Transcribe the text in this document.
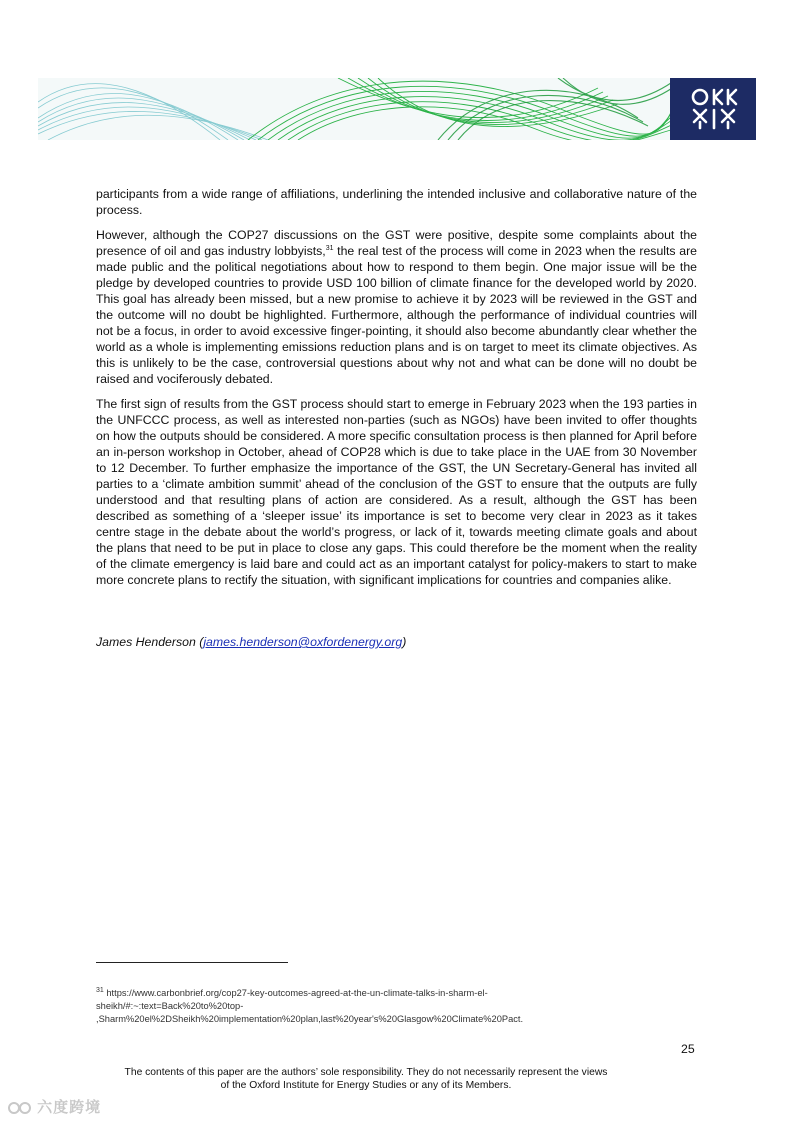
participants from a wide range of affiliations, underlining the intended inclusive and collaborative nature of the process.

However, although the COP27 discussions on the GST were positive, despite some complaints about the presence of oil and gas industry lobbyists,$^{31}$ the real test of the process will come in 2023 when the results are made public and the political negotiations about how to respond to them begin. One major issue will be the pledge by developed countries to provide USD 100 billion of climate finance for the developed world by 2020. This goal has already been missed, but a new promise to achieve it by 2023 will be reviewed in the GST and the outcome will no doubt be highlighted. Furthermore, although the performance of individual countries will not be a focus, in order to avoid excessive finger-pointing, it should also become abundantly clear whether the world as a whole is implementing emissions reduction plans and is on target to meet its climate objectives. As this is unlikely to be the case, controversial questions about why not and what can be done will no doubt be raised and vociferously debated.

The first sign of results from the GST process should start to emerge in February 2023 when the 193 parties in the UNFCCC process, as well as interested non-parties (such as NGOs) have been invited to offer thoughts on how the outputs should be considered. A more specific consultation process is then planned for April before an in-person workshop in October, ahead of COP28 which is due to take place in the UAE from 30 November to 12 December. To further emphasize the importance of the GST, the UN Secretary-General has invited all parties to a ‘climate ambition summit’ ahead of the conclusion of the GST to ensure that the outputs are fully understood and that resulting plans of action are considered. As a result, although the GST has been described as something of a ‘sleeper issue’ its importance is set to become very clear in 2023 as it takes centre stage in the debate about the world’s progress, or lack of it, towards meeting climate goals and about the plans that need to be put in place to close any gaps. This could therefore be the moment when the reality of the climate emergency is laid bare and could act as an important catalyst for policy-makers to start to make more concrete plans to rectify the situation, with significant implications for countries and companies alike.

James Henderson (james.henderson@oxfordenergy.org)
$^{31}$ https://www.carbonbrief.org/cop27-key-outcomes-agreed-at-the-un-climate-talks-in-sharm-el-
sheikh/#:~:text=Back%20to%20top-
,Sharm%20el%2DSheikh%20implementation%20plan,last%20year's%20Glasgow%20Climate%20Pact.
25
The contents of this paper are the authors’ sole responsibility. They do not necessarily represent the views
of the Oxford Institute for Energy Studies or any of its Members.
六度跨境
